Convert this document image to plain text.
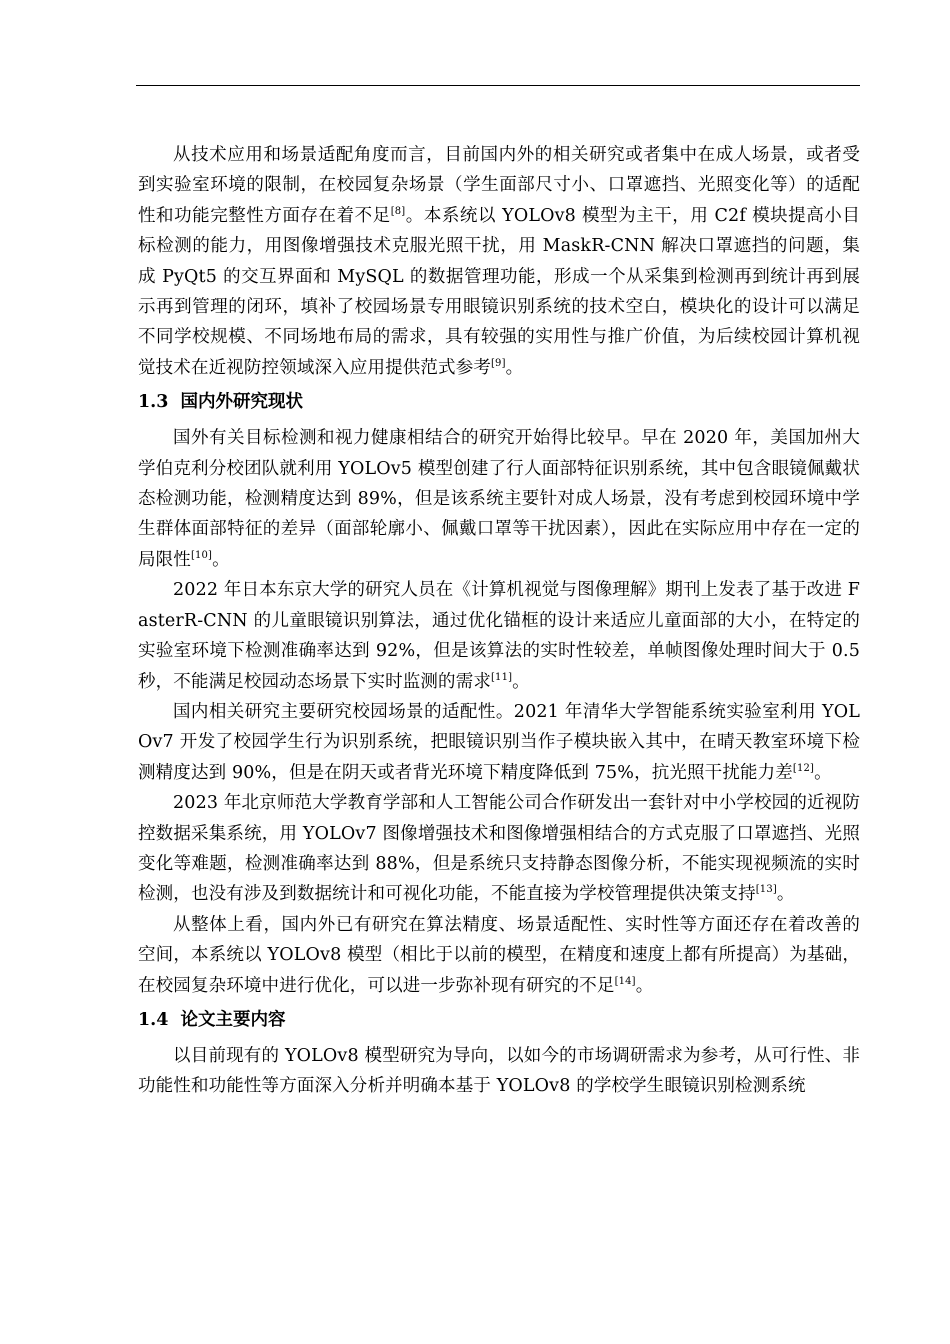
从技术应用和场景适配角度而言，目前国内外的相关研究或者集中在成人场景，或者受到实验室环境的限制，在校园复杂场景（学生面部尺寸小、口罩遮挡、光照变化等）的适配性和功能完整性方面存在着不足[8]。本系统以 YOLOv8 模型为主干，用 C2f 模块提高小目标检测的能力，用图像增强技术克服光照干扰，用 MaskR-CNN 解决口罩遮挡的问题，集成 PyQt5 的交互界面和 MySQL 的数据管理功能，形成一个从采集到检测再到统计再到展示再到管理的闭环，填补了校园场景专用眼镜识别系统的技术空白，模块化的设计可以满足不同学校规模、不同场地布局的需求，具有较强的实用性与推广价值，为后续校园计算机视觉技术在近视防控领域深入应用提供范式参考[9]。

1.3 国内外研究现状

国外有关目标检测和视力健康相结合的研究开始得比较早。早在 2020 年，美国加州大学伯克利分校团队就利用 YOLOv5 模型创建了行人面部特征识别系统，其中包含眼镜佩戴状态检测功能，检测精度达到 89%，但是该系统主要针对成人场景，没有考虑到校园环境中学生群体面部特征的差异（面部轮廓小、佩戴口罩等干扰因素），因此在实际应用中存在一定的局限性[10]。

2022 年日本东京大学的研究人员在《计算机视觉与图像理解》期刊上发表了基于改进 FasterR-CNN 的儿童眼镜识别算法，通过优化锚框的设计来适应儿童面部的大小，在特定的实验室环境下检测准确率达到 92%，但是该算法的实时性较差，单帧图像处理时间大于 0.5 秒，不能满足校园动态场景下实时监测的需求[11]。

国内相关研究主要研究校园场景的适配性。2021 年清华大学智能系统实验室利用 YOLOv7 开发了校园学生行为识别系统，把眼镜识别当作子模块嵌入其中，在晴天教室环境下检测精度达到 90%，但是在阴天或者背光环境下精度降低到 75%，抗光照干扰能力差[12]。

2023 年北京师范大学教育学部和人工智能公司合作研发出一套针对中小学校园的近视防控数据采集系统，用 YOLOv7 图像增强技术和图像增强相结合的方式克服了口罩遮挡、光照变化等难题，检测准确率达到 88%，但是系统只支持静态图像分析，不能实现视频流的实时检测，也没有涉及到数据统计和可视化功能，不能直接为学校管理提供决策支持[13]。

从整体上看，国内外已有研究在算法精度、场景适配性、实时性等方面还存在着改善的空间，本系统以 YOLOv8 模型（相比于以前的模型，在精度和速度上都有所提高）为基础，在校园复杂环境中进行优化，可以进一步弥补现有研究的不足[14]。

1.4 论文主要内容

以目前现有的 YOLOv8 模型研究为导向，以如今的市场调研需求为参考，从可行性、非功能性和功能性等方面深入分析并明确本基于 YOLOv8 的学校学生眼镜识别检测系统
